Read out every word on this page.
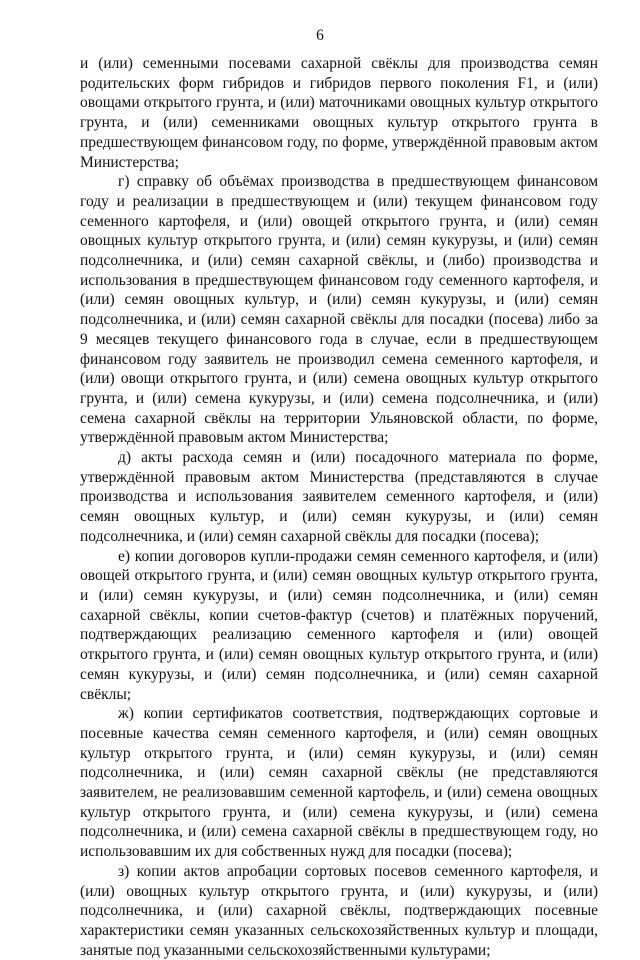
6

и (или) семенными посевами сахарной свёклы для производства семян родительских форм гибридов и гибридов первого поколения F1, и (или) овощами открытого грунта, и (или) маточниками овощных культур открытого грунта, и (или) семенниками овощных культур открытого грунта в предшествующем финансовом году, по форме, утверждённой правовым актом Министерства;

г) справку об объёмах производства в предшествующем финансовом году и реализации в предшествующем и (или) текущем финансовом году семенного картофеля, и (или) овощей открытого грунта, и (или) семян овощных культур открытого грунта, и (или) семян кукурузы, и (или) семян подсолнечника, и (или) семян сахарной свёклы, и (либо) производства и использования в предшествующем финансовом году семенного картофеля, и (или) семян овощных культур, и (или) семян кукурузы, и (или) семян подсолнечника, и (или) семян сахарной свёклы для посадки (посева) либо за 9 месяцев текущего финансового года в случае, если в предшествующем финансовом году заявитель не производил семена семенного картофеля, и (или) овощи открытого грунта, и (или) семена овощных культур открытого грунта, и (или) семена кукурузы, и (или) семена подсолнечника, и (или) семена сахарной свёклы на территории Ульяновской области, по форме, утверждённой правовым актом Министерства;

д) акты расхода семян и (или) посадочного материала по форме, утверждённой правовым актом Министерства (представляются в случае производства и использования заявителем семенного картофеля, и (или) семян овощных культур, и (или) семян кукурузы, и (или) семян подсолнечника, и (или) семян сахарной свёклы для посадки (посева);

е) копии договоров купли-продажи семян семенного картофеля, и (или) овощей открытого грунта, и (или) семян овощных культур открытого грунта, и (или) семян кукурузы, и (или) семян подсолнечника, и (или) семян сахарной свёклы, копии счетов-фактур (счетов) и платёжных поручений, подтверждающих реализацию семенного картофеля и (или) овощей открытого грунта, и (или) семян овощных культур открытого грунта, и (или) семян кукурузы, и (или) семян подсолнечника, и (или) семян сахарной свёклы;

ж) копии сертификатов соответствия, подтверждающих сортовые и посевные качества семян семенного картофеля, и (или) семян овощных культур открытого грунта, и (или) семян кукурузы, и (или) семян подсолнечника, и (или) семян сахарной свёклы (не представляются заявителем, не реализовавшим семенной картофель, и (или) семена овощных культур открытого грунта, и (или) семена кукурузы, и (или) семена подсолнечника, и (или) семена сахарной свёклы в предшествующем году, но использовавшим их для собственных нужд для посадки (посева);

з) копии актов апробации сортовых посевов семенного картофеля, и (или) овощных культур открытого грунта, и (или) кукурузы, и (или) подсолнечника, и (или) сахарной свёклы, подтверждающих посевные характеристики семян указанных сельскохозяйственных культур и площади, занятые под указанными сельскохозяйственными культурами;
